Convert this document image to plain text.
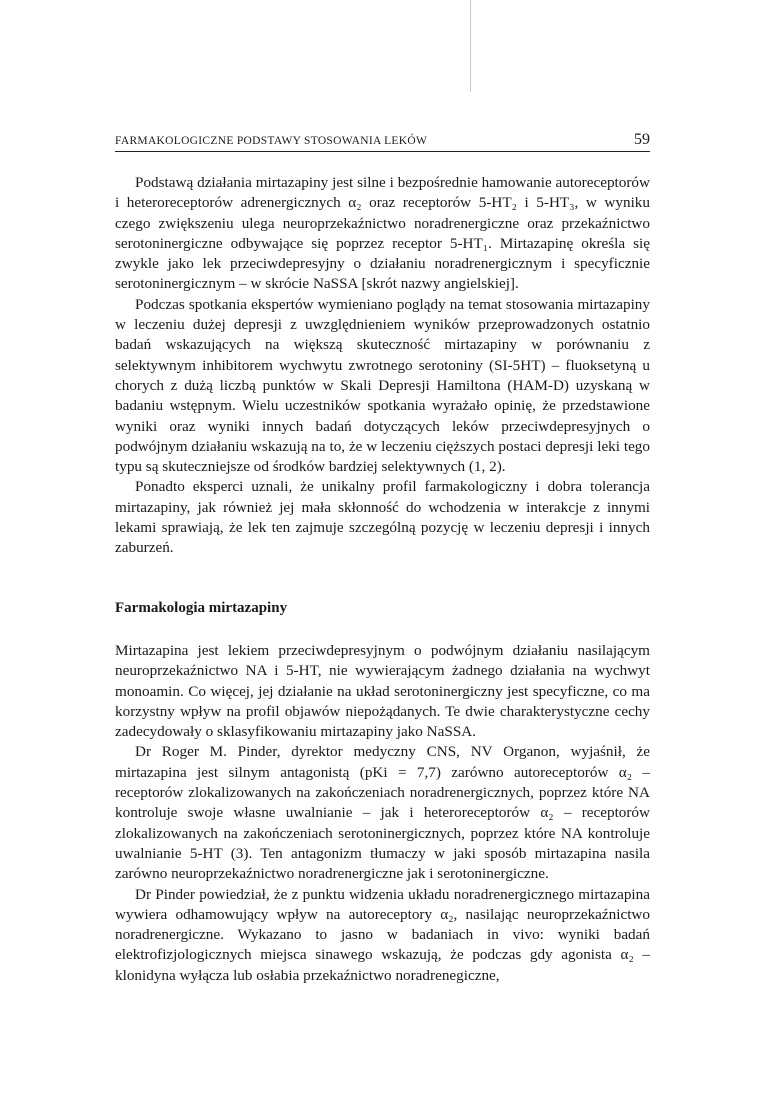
FARMAKOLOGICZNE PODSTAWY STOSOWANIA LEKÓW	59

Podstawą działania mirtazapiny jest silne i bezpośrednie hamowanie autoreceptorów i heteroreceptorów adrenergicznych α₂ oraz receptorów 5-HT₂ i 5-HT₃, w wyniku czego zwiększeniu ulega neuroprzekaźnictwo noradrenergiczne oraz przekaźnictwo serotoninergiczne odbywające się poprzez receptor 5-HT₁. Mirtazapinę określa się zwykle jako lek przeciwdepresyjny o działaniu noradrenergicznym i specyficznie serotoninergicznym – w skrócie NaSSA [skrót nazwy angielskiej].

Podczas spotkania ekspertów wymieniano poglądy na temat stosowania mirtazapiny w leczeniu dużej depresji z uwzględnieniem wyników przeprowadzonych ostatnio badań wskazujących na większą skuteczność mirtazapiny w porównaniu z selektywnym inhibitorem wychwytu zwrotnego serotoniny (SI-5HT) – fluoksetyną u chorych z dużą liczbą punktów w Skali Depresji Hamiltona (HAM-D) uzyskaną w badaniu wstępnym. Wielu uczestników spotkania wyrażało opinię, że przedstawione wyniki oraz wyniki innych badań dotyczących leków przeciwdepresyjnych o podwójnym działaniu wskazują na to, że w leczeniu cięższych postaci depresji leki tego typu są skuteczniejsze od środków bardziej selektywnych (1, 2).

Ponadto eksperci uznali, że unikalny profil farmakologiczny i dobra tolerancja mirtazapiny, jak również jej mała skłonność do wchodzenia w interakcje z innymi lekami sprawiają, że lek ten zajmuje szczególną pozycję w leczeniu depresji i innych zaburzeń.

Farmakologia mirtazapiny

Mirtazapina jest lekiem przeciwdepresyjnym o podwójnym działaniu nasilającym neuroprzekaźnictwo NA i 5-HT, nie wywierającym żadnego działania na wychwyt monoamin. Co więcej, jej działanie na układ serotoninergiczny jest specyficzne, co ma korzystny wpływ na profil objawów niepożądanych. Te dwie charakterystyczne cechy zadecydowały o sklasyfikowaniu mirtazapiny jako NaSSA.

Dr Roger M. Pinder, dyrektor medyczny CNS, NV Organon, wyjaśnił, że mirtazapina jest silnym antagonistą (pKi = 7,7) zarówno autoreceptorów α₂ – receptorów zlokalizowanych na zakończeniach noradrenergicznych, poprzez które NA kontroluje swoje własne uwalnianie – jak i heteroreceptorów α₂ – receptorów zlokalizowanych na zakończeniach serotoninergicznych, poprzez które NA kontroluje uwalnianie 5-HT (3). Ten antagonizm tłumaczy w jaki sposób mirtazapina nasila zarówno neuroprzekaźnictwo noradrenergiczne jak i serotoninergiczne.

Dr Pinder powiedział, że z punktu widzenia układu noradrenergicznego mirtazapina wywiera odhamowujący wpływ na autoreceptory α₂, nasilając neuroprzekaźnictwo noradrenergiczne. Wykazano to jasno w badaniach in vivo: wyniki badań elektrofizjologicznych miejsca sinawego wskazują, że podczas gdy agonista α₂ – klonidyna wyłącza lub osłabia przekaźnictwo noradrenegiczne,
